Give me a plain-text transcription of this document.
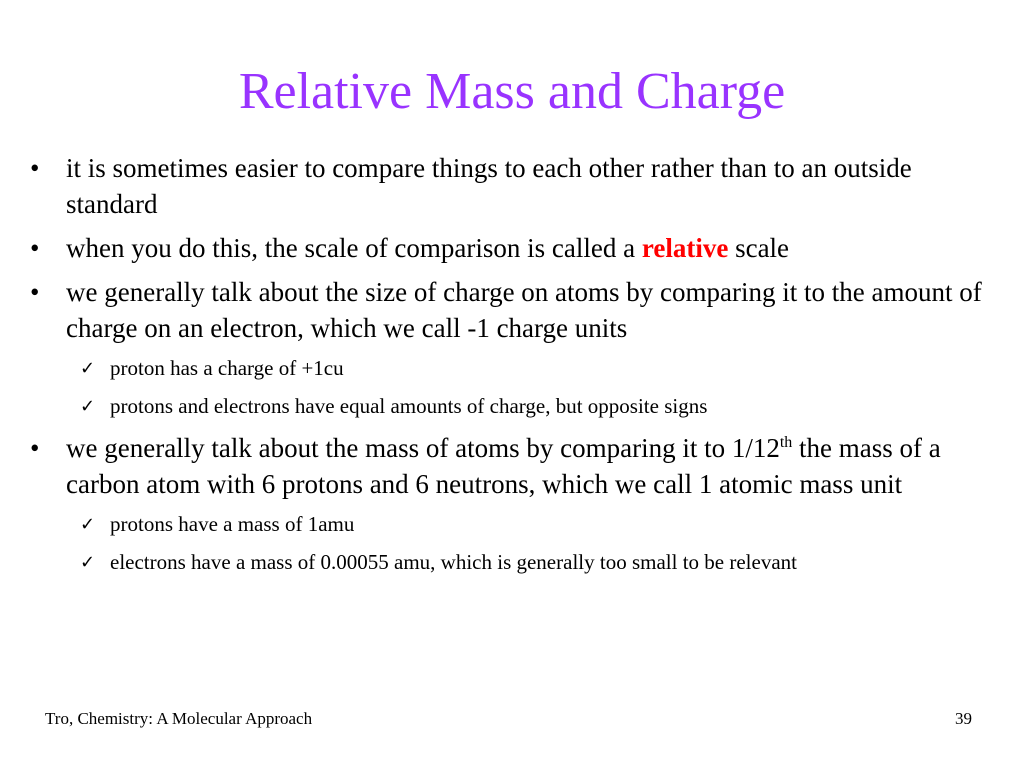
Relative Mass and Charge
• it is sometimes easier to compare things to each other rather than to an outside standard
• when you do this, the scale of comparison is called a relative scale
• we generally talk about the size of charge on atoms by comparing it to the amount of charge on an electron, which we call -1 charge units
✓ proton has a charge of +1cu
✓ protons and electrons have equal amounts of charge, but opposite signs
• we generally talk about the mass of atoms by comparing it to 1/12th the mass of a carbon atom with 6 protons and 6 neutrons, which we call 1 atomic mass unit
✓ protons have a mass of 1amu
✓ electrons have a mass of 0.00055 amu, which is generally too small to be relevant
Tro, Chemistry: A Molecular Approach	39
